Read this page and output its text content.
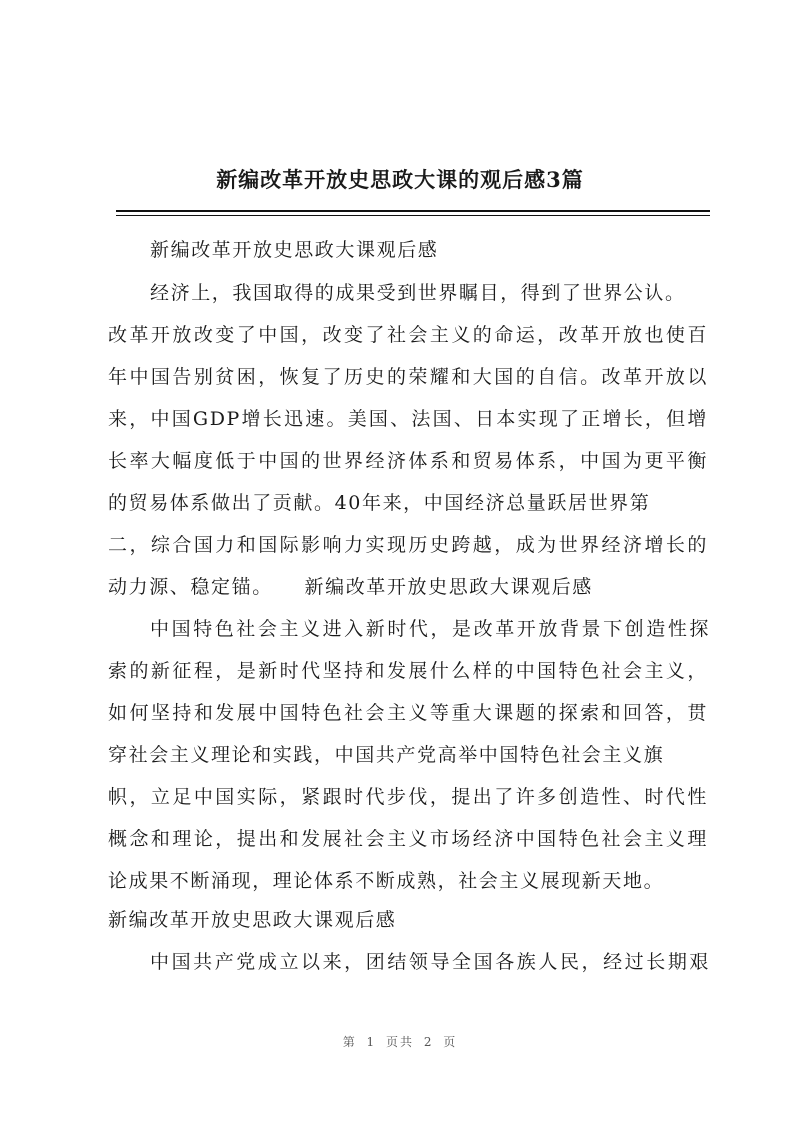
新编改革开放史思政大课的观后感3篇
新编改革开放史思政大课观后感
经济上，我国取得的成果受到世界瞩目，得到了世界公认。
改革开放改变了中国，改变了社会主义的命运，改革开放也使百
年中国告别贫困，恢复了历史的荣耀和大国的自信。改革开放以
来，中国GDP增长迅速。美国、法国、日本实现了正增长，但增
长率大幅度低于中国的世界经济体系和贸易体系，中国为更平衡
的贸易体系做出了贡献。40年来，中国经济总量跃居世界第
二，综合国力和国际影响力实现历史跨越，成为世界经济增长的
动力源、稳定锚。　　新编改革开放史思政大课观后感
中国特色社会主义进入新时代，是改革开放背景下创造性探
索的新征程，是新时代坚持和发展什么样的中国特色社会主义，
如何坚持和发展中国特色社会主义等重大课题的探索和回答，贯
穿社会主义理论和实践，中国共产党高举中国特色社会主义旗
帜，立足中国实际，紧跟时代步伐，提出了许多创造性、时代性
概念和理论，提出和发展社会主义市场经济中国特色社会主义理
论成果不断涌现，理论体系不断成熟，社会主义展现新天地。
新编改革开放史思政大课观后感
中国共产党成立以来，团结领导全国各族人民，经过长期艰
第 1 页共 2 页
